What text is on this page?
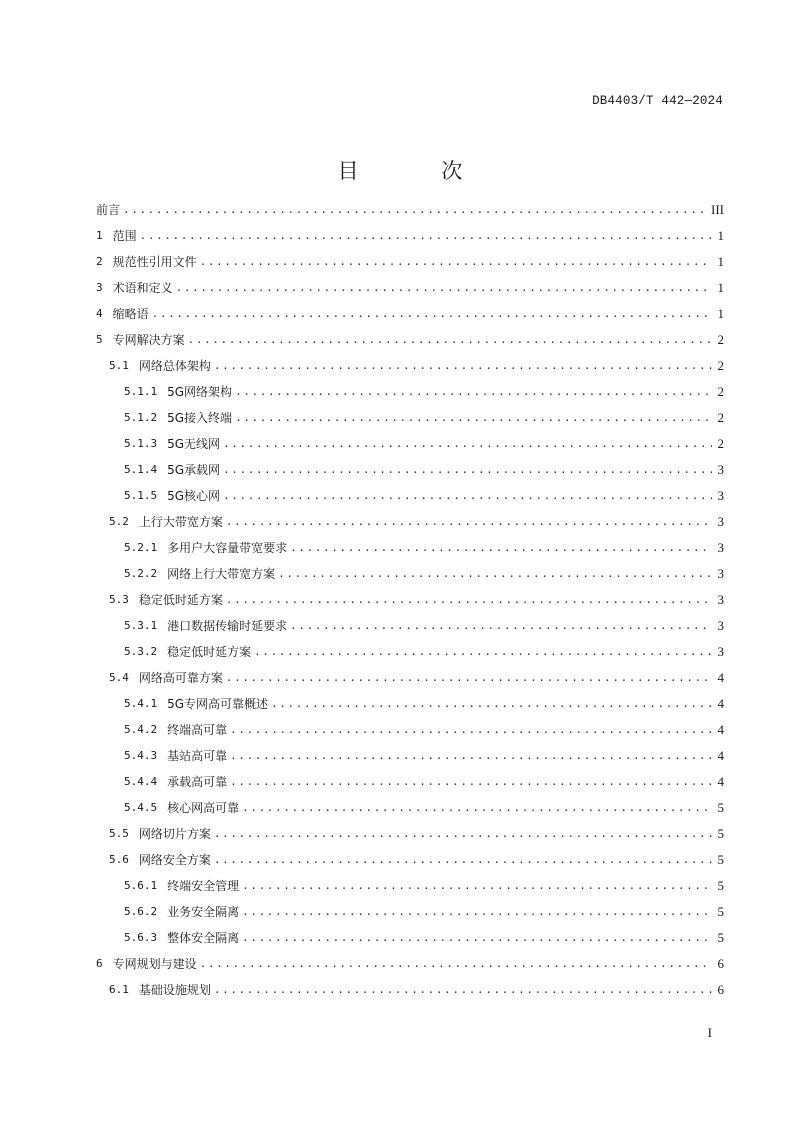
DB4403/T 442—2024
目 次
前言 .....	III
1 范围 .....	1
2 规范性引用文件 .....	1
3 术语和定义 .....	1
4 缩略语 .....	1
5 专网解决方案 .....	2
5.1 网络总体架构 .....	2
5.1.1 5G网络架构 .....	2
5.1.2 5G接入终端 .....	2
5.1.3 5G无线网 .....	2
5.1.4 5G承载网 .....	3
5.1.5 5G核心网 .....	3
5.2 上行大带宽方案 .....	3
5.2.1 多用户大容量带宽要求 .....	3
5.2.2 网络上行大带宽方案 .....	3
5.3 稳定低时延方案 .....	3
5.3.1 港口数据传输时延要求 .....	3
5.3.2 稳定低时延方案 .....	3
5.4 网络高可靠方案 .....	4
5.4.1 5G专网高可靠概述 .....	4
5.4.2 终端高可靠 .....	4
5.4.3 基站高可靠 .....	4
5.4.4 承载高可靠 .....	4
5.4.5 核心网高可靠 .....	5
5.5 网络切片方案 .....	5
5.6 网络安全方案 .....	5
5.6.1 终端安全管理 .....	5
5.6.2 业务安全隔离 .....	5
5.6.3 整体安全隔离 .....	5
6 专网规划与建设 .....	6
6.1 基础设施规划 .....	6
I
